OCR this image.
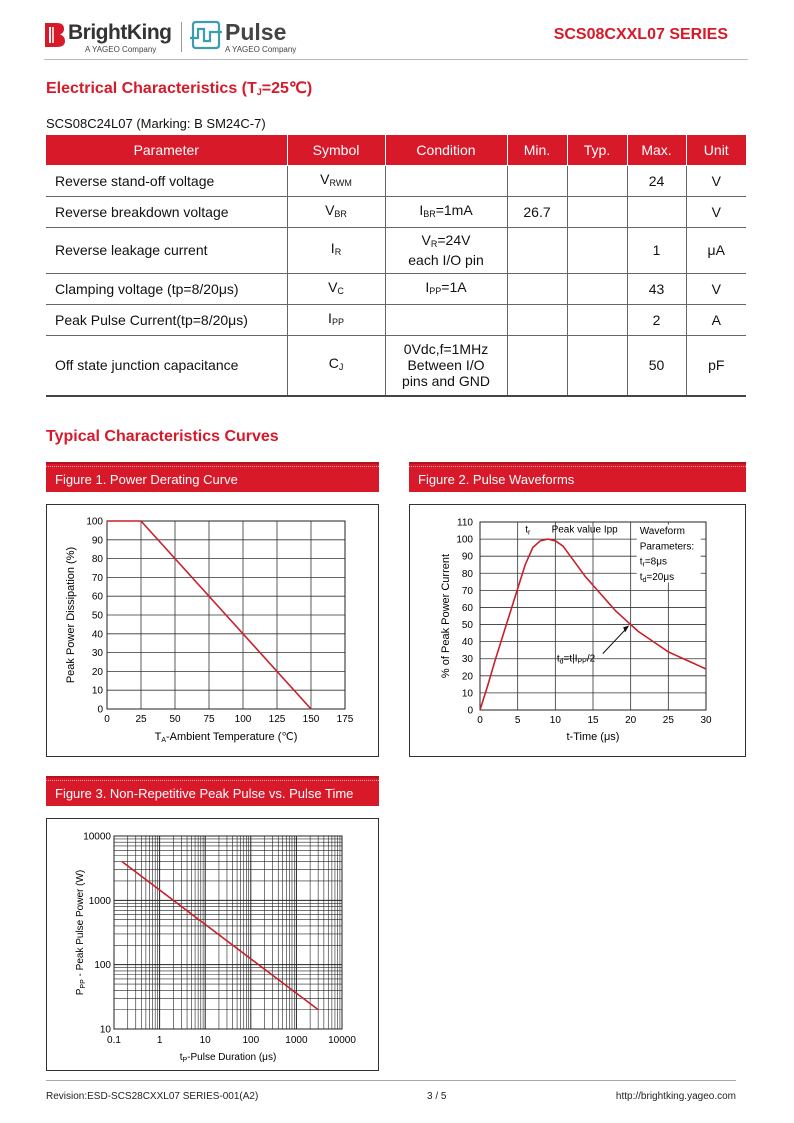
BrightKing
A YAGEO Company
Pulse
A YAGEO Company
SCS08CXXL07 SERIES
Electrical Characteristics $(T_J=25℃)$
SCS08C24L07 (Marking: B SM24C-7)
Parameter	Symbol	Condition	Min.	Typ.	Max.	Unit
Reverse stand-off voltage	$V_{RWM}$				24	V
Reverse breakdown voltage	$V_{BR}$	$I_{BR}=1mA$	26.7			V
Reverse leakage current	$I_R$	$V_R=24V$
each I/O pin			1	μA
Clamping voltage (tp=8/20μs)	$V_C$	$I_{PP}=1A$			43	V
Peak Pulse Current(tp=8/20μs)	$I_{PP}$				2	A
Off state junction capacitance	$C_J$	0Vdc,f=1MHz
Between I/O
pins and GND			50	pF
Typical Characteristics Curves
Figure 1. Power Derating Curve
0	25 50 75 100 125 150 175
0
10
20
30
40
50
60
70
80
90
100
TA-Ambient Temperature (℃)
Peak Power Dissipation (%)
Figure 2. Pulse Waveforms
0	5	10	15	20	25	30
0
10
20
30
40
50
60
70
80
90
100
110
$t_r$ Peak value Ipp Waveform
Parameters:
$t_r=8\mu s$
$t_d=20\mu s$
$t_d=t|I_{PP}/2$
t-Time (μs)
% of Peak Power Current
Figure 3. Non-Repetitive Peak Pulse vs. Pulse Time
0.1	1	10	100	1000 10000
10
100
1000
10000
$t_P$-Pulse Duration (μs)
$P_{PP}$ - Peak Pulse Power (W)
Revision:ESD-SCS28CXXL07 SERIES-001(A2)	3 / 5	http://brightking.yageo.com
